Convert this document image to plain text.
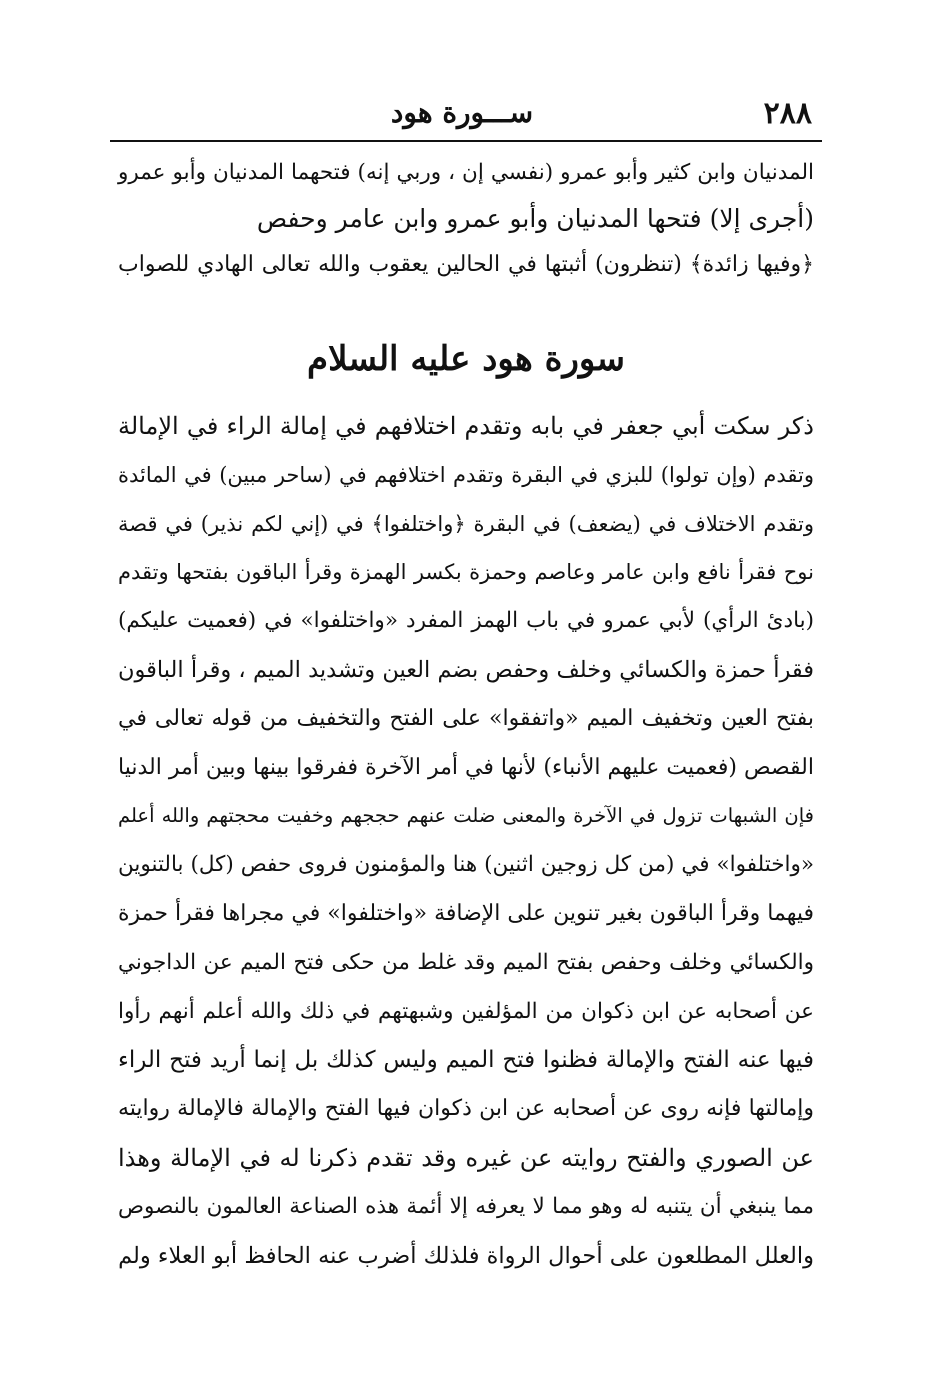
٢٨٨
ســـورة هود
المدنيان وابن كثير وأبو عمرو (نفسي إن ، وربي إنه) فتحهما المدنيان وأبو عمرو
(أجرى إلا) فتحها المدنيان وأبو عمرو وابن عامر وحفص
﴿وفيها زائدة﴾ (تنظرون) أثبتها في الحالين يعقوب والله تعالى الهادي للصواب
سورة هود عليه السلام
ذكر سكت أبي جعفر في بابه وتقدم اختلافهم في إمالة الراء في الإمالة
وتقدم (وإن تولوا) للبزي في البقرة وتقدم اختلافهم في (ساحر مبين) في المائدة
وتقدم الاختلاف في (يضعف) في البقرة ﴿واختلفوا﴾ في (إني لكم نذير) في قصة
نوح فقرأ نافع وابن عامر وعاصم وحمزة بكسر الهمزة وقرأ الباقون بفتحها وتقدم
(بادئ الرأي) لأبي عمرو في باب الهمز المفرد «واختلفوا» في (فعميت عليكم)
فقرأ حمزة والكسائي وخلف وحفص بضم العين وتشديد الميم ، وقرأ الباقون
بفتح العين وتخفيف الميم «واتفقوا» على الفتح والتخفيف من قوله تعالى في
القصص (فعميت عليهم الأنباء) لأنها في أمر الآخرة ففرقوا بينها وبين أمر الدنيا
فإن الشبهات تزول في الآخرة والمعنى ضلت عنهم حججهم وخفيت محجتهم والله أعلم
«واختلفوا» في (من كل زوجين اثنين) هنا والمؤمنون فروى حفص (كل) بالتنوين
فيهما وقرأ الباقون بغير تنوين على الإضافة «واختلفوا» في مجراها فقرأ حمزة
والكسائي وخلف وحفص بفتح الميم وقد غلط من حكى فتح الميم عن الداجوني
عن أصحابه عن ابن ذكوان من المؤلفين وشبهتهم في ذلك والله أعلم أنهم رأوا
فيها عنه الفتح والإمالة فظنوا فتح الميم وليس كذلك بل إنما أريد فتح الراء
وإمالتها فإنه روى عن أصحابه عن ابن ذكوان فيها الفتح والإمالة فالإمالة روايته
عن الصوري والفتح روايته عن غيره وقد تقدم ذكرنا له في الإمالة وهذا
مما ينبغي أن يتنبه له وهو مما لا يعرفه إلا أئمة هذه الصناعة العالمون بالنصوص
والعلل المطلعون على أحوال الرواة فلذلك أضرب عنه الحافظ أبو العلاء ولم
